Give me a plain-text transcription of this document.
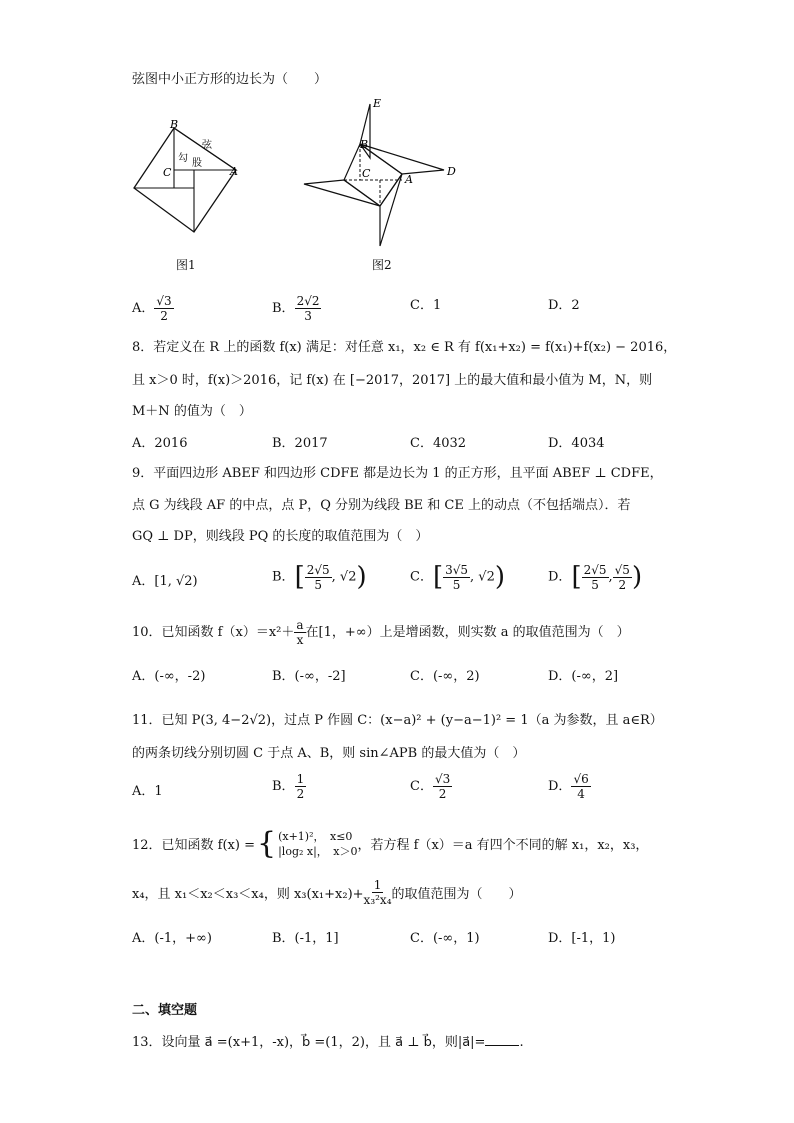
弦图中小正方形的边长为（　　）
B
C	A
勾 股
弦
图1
E
B
C	A
D
图2
A． $\frac{√3}{2}$	B． $\frac{2√2}{3}$	C．1	D．2
8．若定义在 R 上的函数 f(x) 满足：对任意 x₁，x₂ ∈ R 有 f(x₁+x₂) = f(x₁)+f(x₂) − 2016，
且 x＞0 时，f(x)＞2016，记 f(x) 在 [−2017，2017] 上的最大值和最小值为 M，N，则
M＋N 的值为（　）
A．2016	B．2017	C．4032	D．4034
9．平面四边形 ABEF 和四边形 CDFE 都是边长为 1 的正方形，且平面 ABEF ⊥ CDFE，
点 G 为线段 AF 的中点，点 P，Q 分别为线段 BE 和 CE 上的动点（不包括端点）．若
GQ ⊥ DP，则线段 PQ 的长度的取值范围为（　）
A．[1, √2)	B．[ $\frac{2√5}{5}$ , √2)	C．[ $\frac{3√5}{5}$ , √2)	D．[ $\frac{2√5}{5}$ , $\frac{√5}{2}$ )
10．已知函数 $f(x)=x^2+ \frac{a}{x}$ 在[1，+∞）上是增函数，则实数 a 的取值范围为（　）
A．(-∞，-2)	B．(-∞，-2]	C．(-∞，2)	D．(-∞，2]
11．已知 P(3, 4−2√2)，过点 P 作圆 C：(x−a)² + (y−a−1)² = 1（a 为参数，且 a∈R）
的两条切线分别切圆 C 于点 A、B，则 sin∠APB 的最大值为（　）
A．1	B． $\frac{1}{2}$	C． $\frac{√3}{2}$	D． $\frac{√6}{4}$
12．已知函数 f(x) = { (x+1)²，　x≤0
|log₂ x|，　x＞0 ，若方程 f（x）＝a 有四个不同的解 x₁，x₂，x₃，
x₄，且 x₁＜x₂＜x₃＜x₄，则 $x_3(x_1+x_2)+ \frac{1}{\text{x₃²x₄}}$ 的取值范围为（　　）
A．(-1，+∞)	B．(-1，1]	C．(-∞，1)	D．[-1，1)
二、填空题
13．设向量 a⃗ =(x+1，-x)，b⃗ =(1，2)，且 a⃗ ⊥ b⃗，则|a⃗|=	.
